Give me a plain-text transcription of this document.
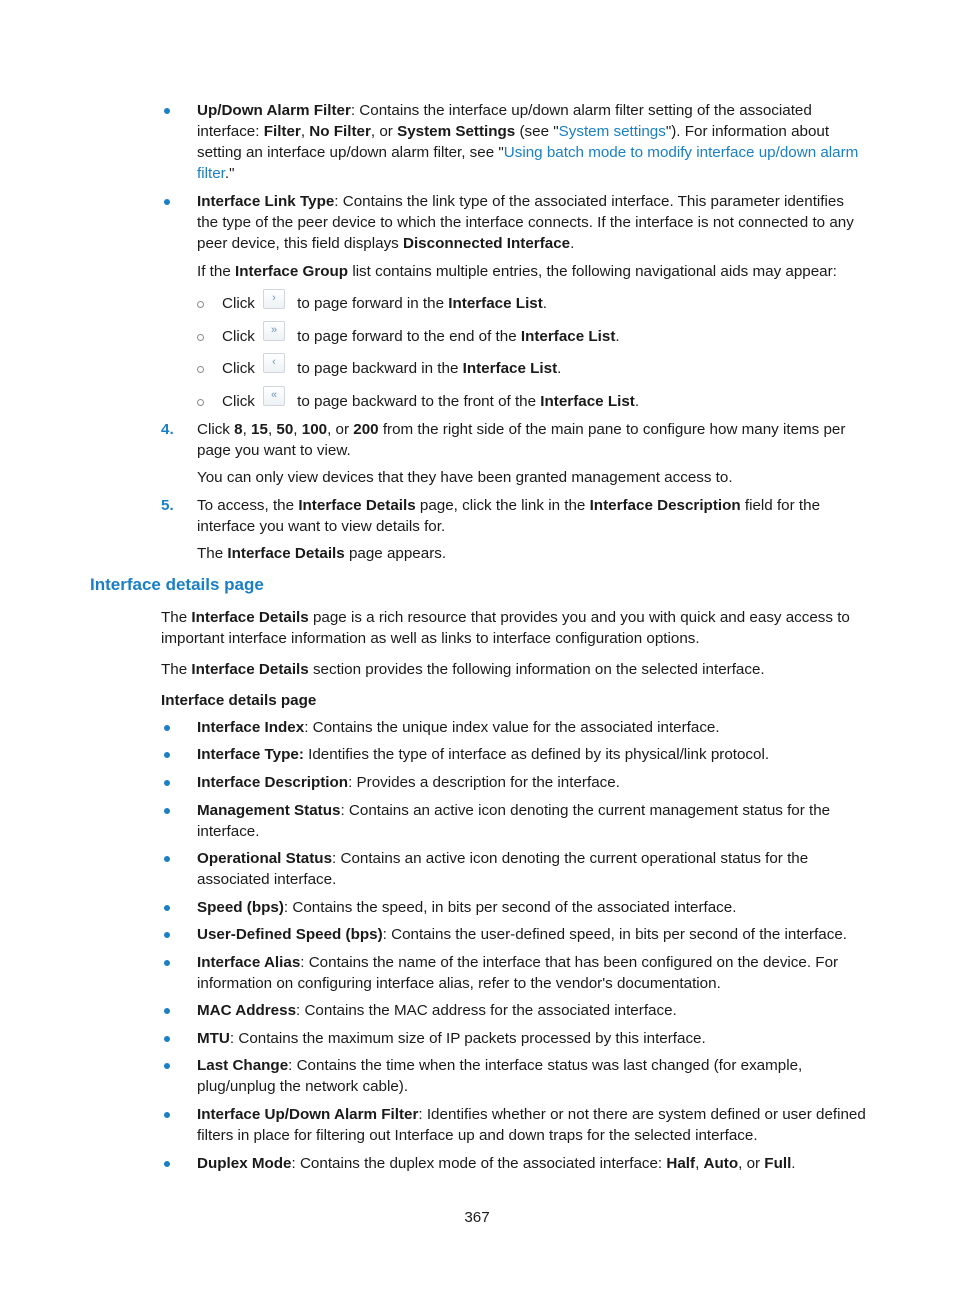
Up/Down Alarm Filter: Contains the interface up/down alarm filter setting of the associated interface: Filter, No Filter, or System Settings (see "System settings"). For information about setting an interface up/down alarm filter, see "Using batch mode to modify interface up/down alarm filter."
Interface Link Type: Contains the link type of the associated interface. This parameter identifies the type of the peer device to which the interface connects. If the interface is not connected to any peer device, this field displays Disconnected Interface.
If the Interface Group list contains multiple entries, the following navigational aids may appear:
Click	to page forward in the Interface List.
›
Click	to page forward to the end of the Interface List.
»
Click	to page backward in the Interface List.
‹
Click	to page backward to the front of the Interface List.
«
4. Click 8, 15, 50, 100, or 200 from the right side of the main pane to configure how many items per page you want to view.
You can only view devices that they have been granted management access to.
5. To access, the Interface Details page, click the link in the Interface Description field for the interface you want to view details for.
The Interface Details page appears.
Interface details page
The Interface Details page is a rich resource that provides you and you with quick and easy access to important interface information as well as links to interface configuration options.
The Interface Details section provides the following information on the selected interface.
Interface details page
Interface Index: Contains the unique index value for the associated interface.
Interface Type: Identifies the type of interface as defined by its physical/link protocol.
Interface Description: Provides a description for the interface.
Management Status: Contains an active icon denoting the current management status for the interface.
Operational Status: Contains an active icon denoting the current operational status for the associated interface.
Speed (bps): Contains the speed, in bits per second of the associated interface.
User-Defined Speed (bps): Contains the user-defined speed, in bits per second of the interface.
Interface Alias: Contains the name of the interface that has been configured on the device. For information on configuring interface alias, refer to the vendor's documentation.
MAC Address: Contains the MAC address for the associated interface.
MTU: Contains the maximum size of IP packets processed by this interface.
Last Change: Contains the time when the interface status was last changed (for example, plug/unplug the network cable).
Interface Up/Down Alarm Filter: Identifies whether or not there are system defined or user defined filters in place for filtering out Interface up and down traps for the selected interface.
Duplex Mode: Contains the duplex mode of the associated interface: Half, Auto, or Full.
367
